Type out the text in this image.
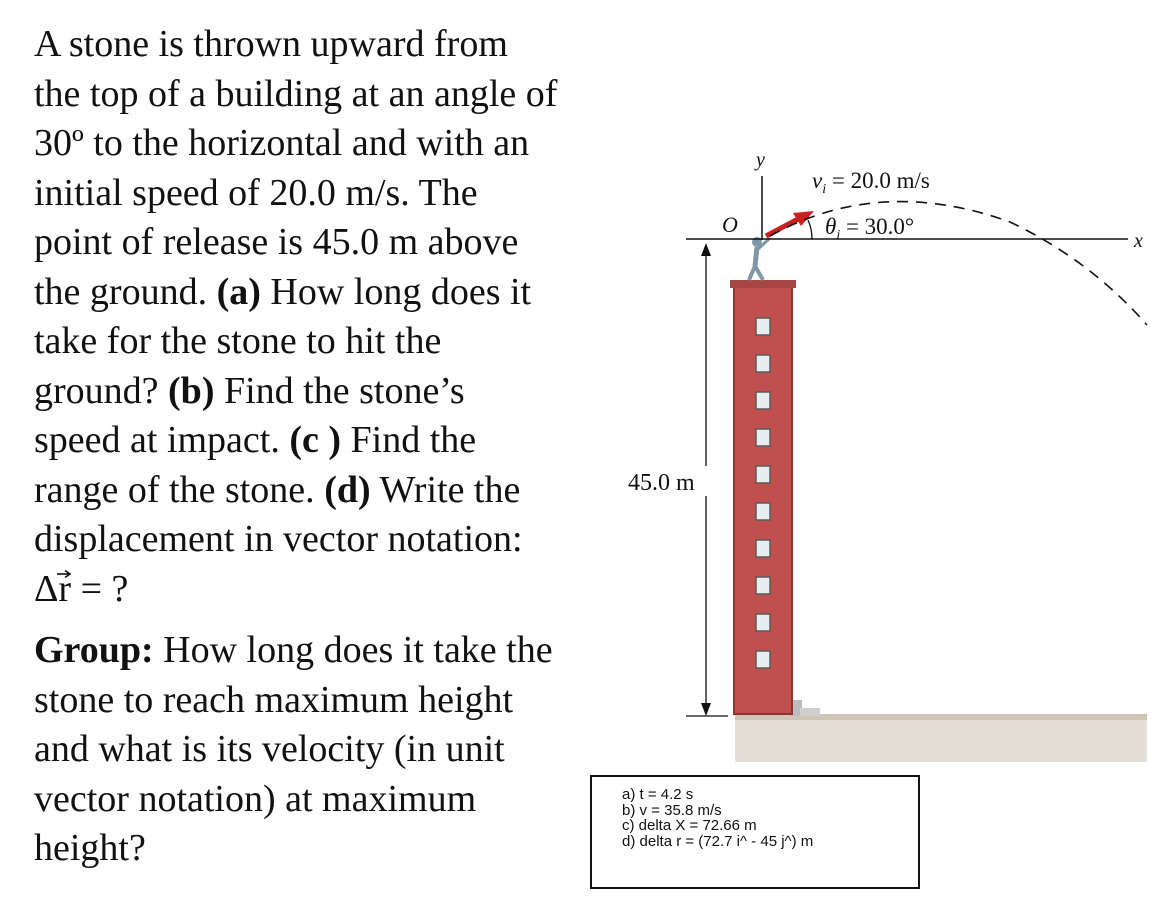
A stone is thrown upward from
the top of a building at an angle of
30º to the horizontal and with an
initial speed of 20.0 m/s. The
point of release is 45.0 m above
the ground. (a) How long does it
take for the stone to hit the
ground? (b) Find the stone’s
speed at impact. (c ) Find the
range of the stone. (d) Write the
displacement in vector notation:
Δr
= ?
Group: How long does it take the
stone to reach maximum height
and what is its velocity (in unit
vector notation) at maximum
height?
y
x
O
$v_i = 20.0$ m/s
$\theta_i = 30.0^\circ$
45.0 m
a) t = 4.2 s
b) v = 35.8 m/s
c) delta X = 72.66 m
d) delta r = (72.7 i^ - 45 j^) m
